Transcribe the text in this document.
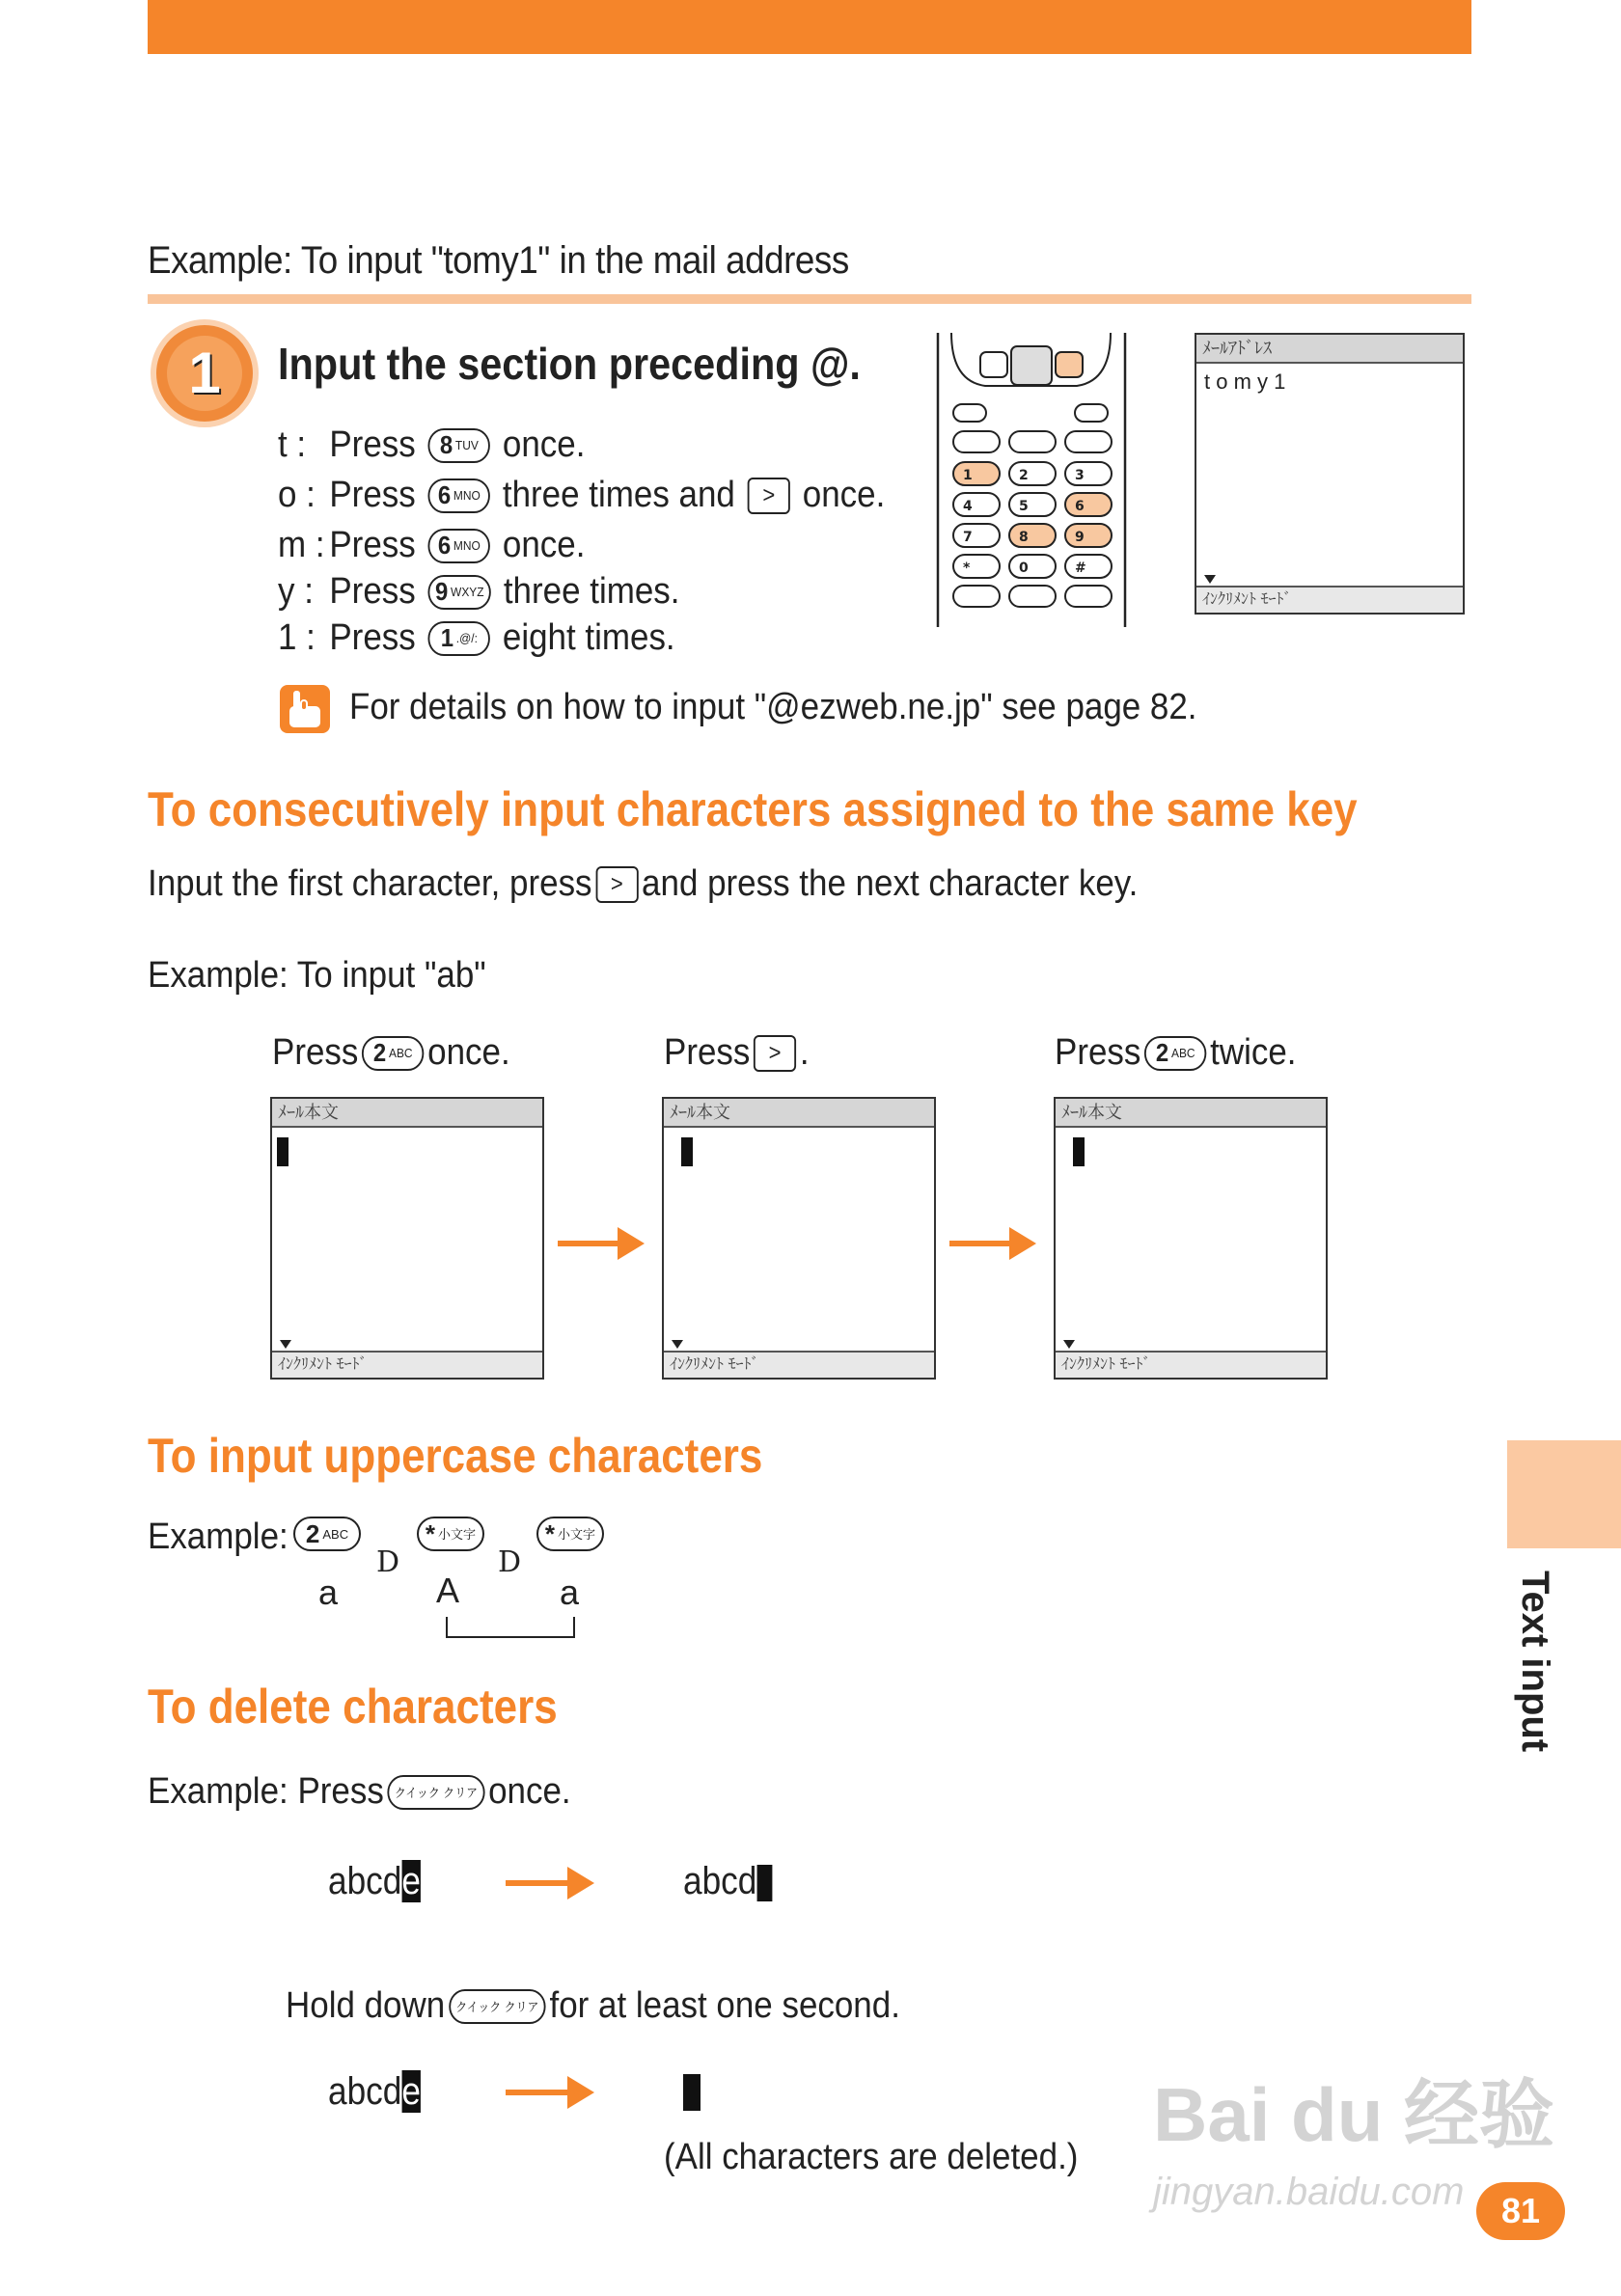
Example: To input "tomy1" in the mail address
1	Input the section preceding @.
t : Press 8 TUV once.
o : Press 6 MNO three times and	> once.
m : Press 6 MNO once.
y : Press 9 WXYZ three times.
1 : Press 1 .@/: eight times.
For details on how to input "@ezweb.ne.jp" see page 82.
1	2	3
4	5	6
7	8	9
*	0	#
ﾒｰﾙｱﾄﾞﾚｽ
t o m y 1
ｲﾝｸﾘﾒﾝﾄ ﾓｰﾄﾞ
To consecutively input characters assigned to the same key
Input the first character, press > and press the next character key.
Example: To input "ab"
Press 2 ABC once.	Press > .	Press 2 ABC twice.
ﾒｰﾙ本文
ｲﾝｸﾘﾒﾝﾄ ﾓｰﾄﾞ
ﾒｰﾙ本文
ｲﾝｸﾘﾒﾝﾄ ﾓｰﾄﾞ
ﾒｰﾙ本文
ｲﾝｸﾘﾒﾝﾄ ﾓｰﾄﾞ
To input uppercase characters
Example: 2 ABC
D
* 小文字
D
* 小文字
a	A	a
To delete characters
Example: Press クイック クリア once.
abcde	abcd
Hold down クイック クリア for at least one second.
abcde
(All characters are deleted.)
Text input
Bai du 经验
jingyan.baidu.com	81
